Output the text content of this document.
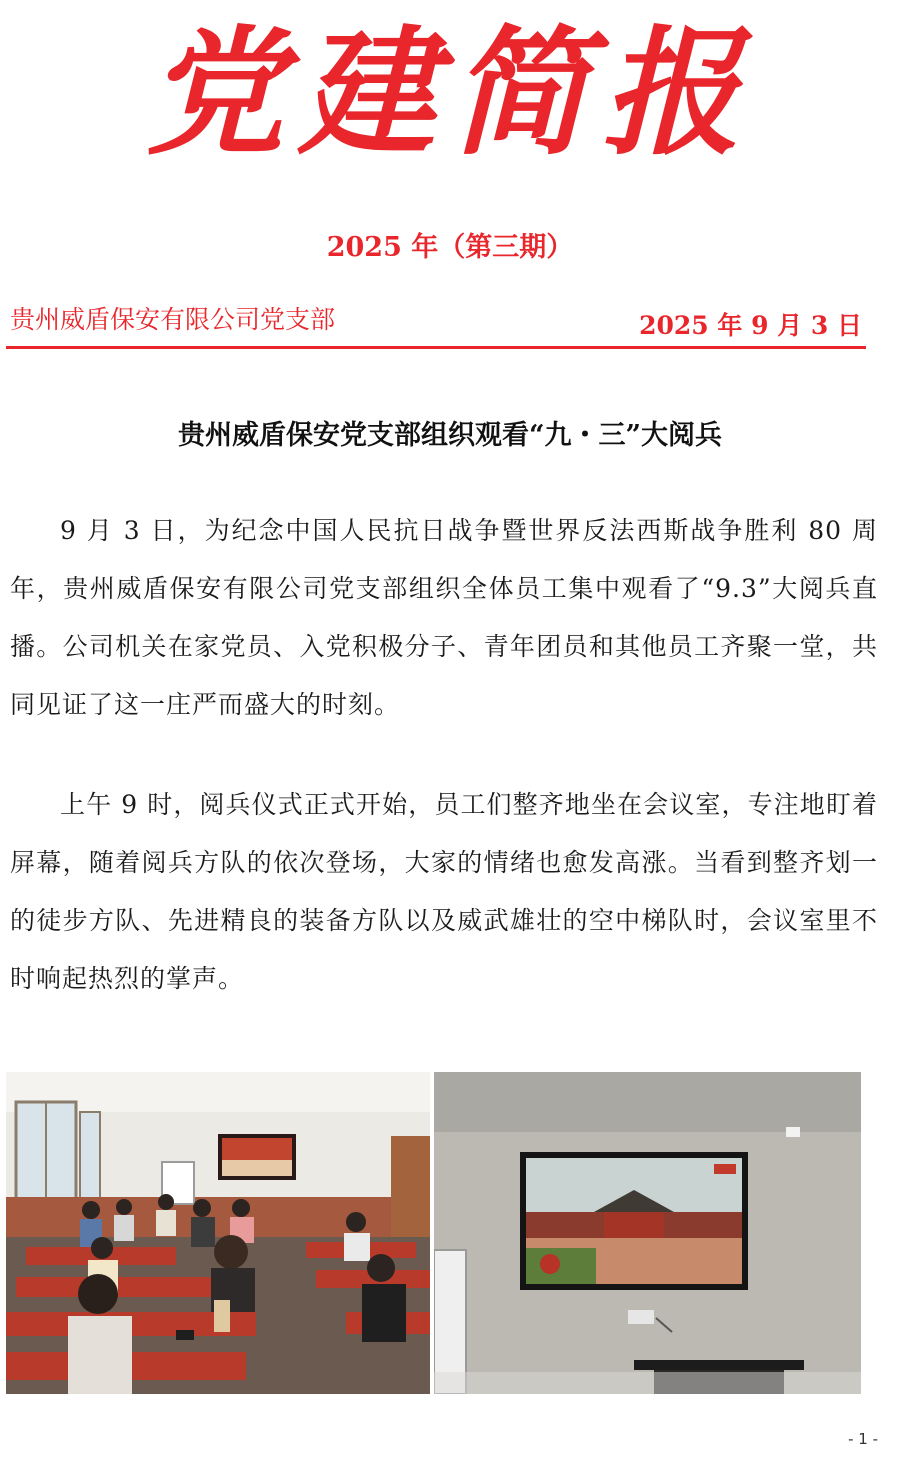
党建简报
2025 年（第三期）
贵州威盾保安有限公司党支部	2025 年 9 月 3 日
贵州威盾保安党支部组织观看“九・三”大阅兵

9 月 3 日，为纪念中国人民抗日战争暨世界反法西斯战争胜利 80 周年，贵州威盾保安有限公司党支部组织全体员工集中观看了“9.3”大阅兵直播。公司机关在家党员、入党积极分子、青年团员和其他员工齐聚一堂，共同见证了这一庄严而盛大的时刻。

上午 9 时，阅兵仪式正式开始，员工们整齐地坐在会议室，专注地盯着屏幕，随着阅兵方队的依次登场，大家的情绪也愈发高涨。当看到整齐划一的徒步方队、先进精良的装备方队以及威武雄壮的空中梯队时，会议室里不时响起热烈的掌声。

- 1 -
